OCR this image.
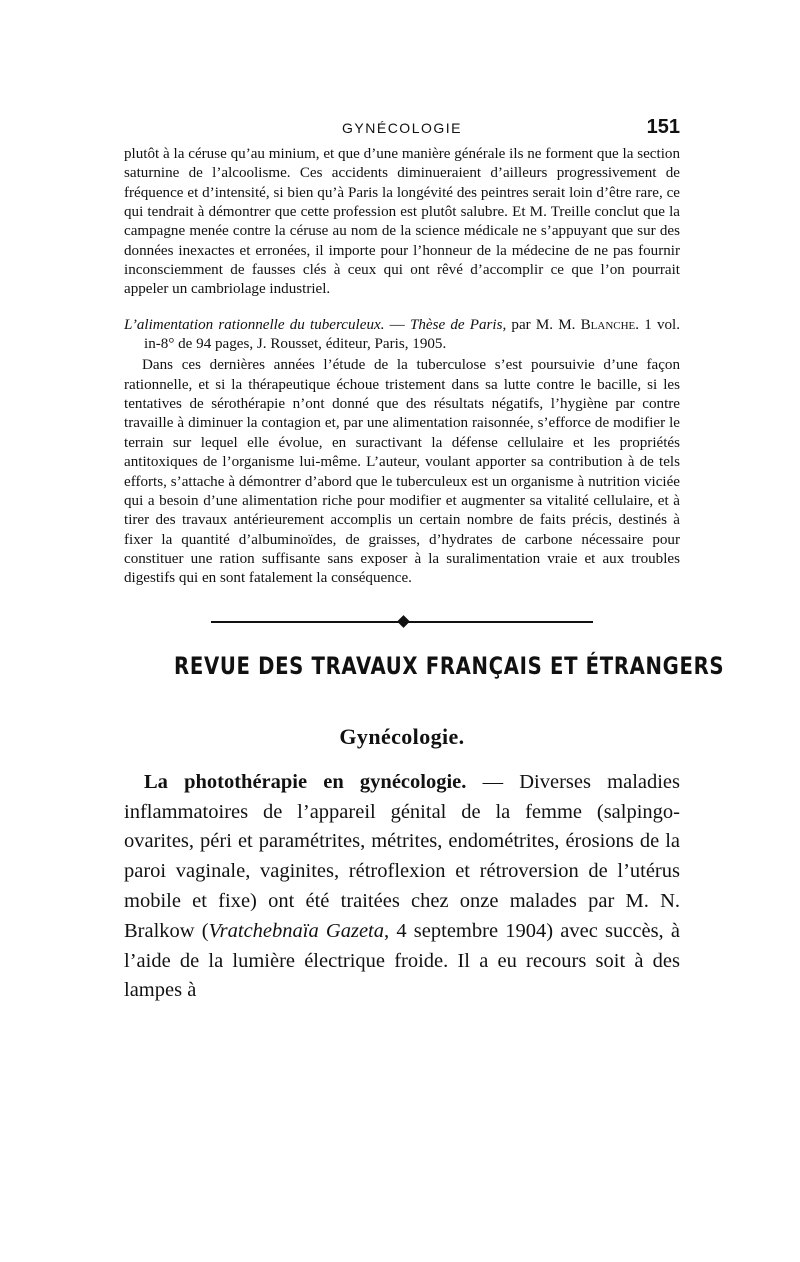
GYNÉCOLOGIE	151

plutôt à la céruse qu’au minium, et que d’une manière générale ils ne forment que la section saturnine de l’alcoolisme. Ces accidents diminueraient d’ailleurs progressivement de fréquence et d’intensité, si bien qu’à Paris la longévité des peintres serait loin d’être rare, ce qui tendrait à démontrer que cette profession est plutôt salubre. Et M. Treille conclut que la campagne menée contre la céruse au nom de la science médicale ne s’appuyant que sur des données inexactes et erronées, il importe pour l’honneur de la médecine de ne pas fournir inconsciemment de fausses clés à ceux qui ont rêvé d’accomplir ce que l’on pourrait appeler un cambriolage industriel.

L’alimentation rationnelle du tuberculeux. — Thèse de Paris, par M. M. Blanche. 1 vol. in-8° de 94 pages, J. Rousset, éditeur, Paris, 1905.

Dans ces dernières années l’étude de la tuberculose s’est poursuivie d’une façon rationnelle, et si la thérapeutique échoue tristement dans sa lutte contre le bacille, si les tentatives de sérothérapie n’ont donné que des résultats négatifs, l’hygiène par contre travaille à diminuer la contagion et, par une alimentation raisonnée, s’efforce de modifier le terrain sur lequel elle évolue, en suractivant la défense cellulaire et les propriétés antitoxiques de l’organisme lui-même. L’auteur, voulant apporter sa contribution à de tels efforts, s’attache à démontrer d’abord que le tuberculeux est un organisme à nutrition viciée qui a besoin d’une alimentation riche pour modifier et augmenter sa vitalité cellulaire, et à tirer des travaux antérieurement accomplis un certain nombre de faits précis, destinés à fixer la quantité d’albuminoïdes, de graisses, d’hydrates de carbone nécessaire pour constituer une ration suffisante sans exposer à la suralimentation vraie et aux troubles digestifs qui en sont fatalement la conséquence.

REVUE DES TRAVAUX FRANÇAIS ET ÉTRANGERS
Gynécologie.

La photothérapie en gynécologie. — Diverses maladies inflammatoires de l’appareil génital de la femme (salpingo-ovarites, péri et paramétrites, métrites, endométrites, érosions de la paroi vaginale, vaginites, rétroflexion et rétroversion de l’utérus mobile et fixe) ont été traitées chez onze malades par M. N. Bralkow (Vratchebnaïa Gazeta, 4 septembre 1904) avec succès, à l’aide de la lumière électrique froide. Il a eu recours soit à des lampes à
